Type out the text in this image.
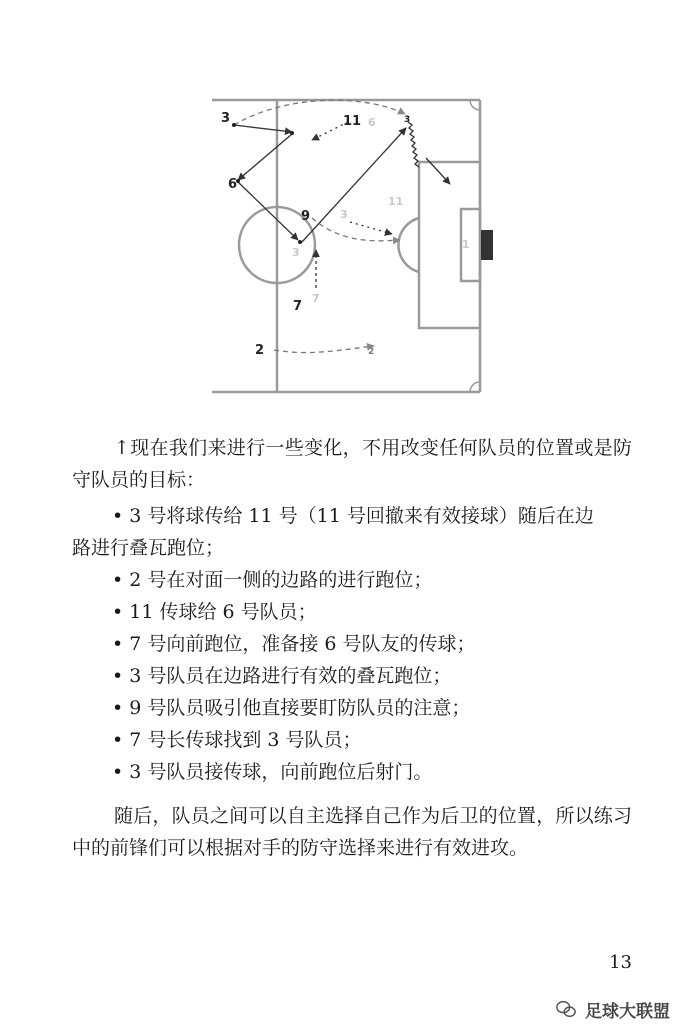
6
3
11
7
3
1
3	11	3
6
9
7
2	2

↑现在我们来进行一些变化，不用改变任何队员的位置或是防守队员的目标：

• 3 号将球传给 11 号（11 号回撤来有效接球）随后在边
路进行叠瓦跑位；
• 2 号在对面一侧的边路的进行跑位；
• 11 传球给 6 号队员；
• 7 号向前跑位，准备接 6 号队友的传球；
• 3 号队员在边路进行有效的叠瓦跑位；
• 9 号队员吸引他直接要盯防队员的注意；
• 7 号长传球找到 3 号队员；
• 3 号队员接传球，向前跑位后射门。

随后，队员之间可以自主选择自己作为后卫的位置，所以练习中的前锋们可以根据对手的防守选择来进行有效进攻。

13
足球大联盟
